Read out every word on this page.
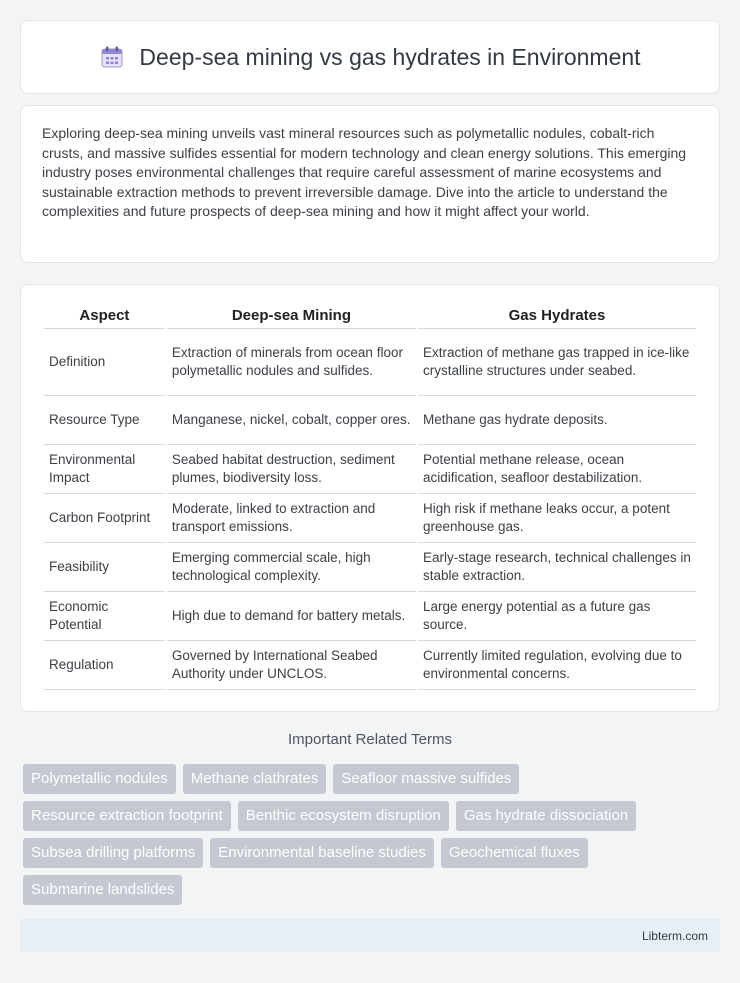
Deep-sea mining vs gas hydrates in Environment

Exploring deep-sea mining unveils vast mineral resources such as polymetallic nodules, cobalt-rich crusts, and massive sulfides essential for modern technology and clean energy solutions. This emerging industry poses environmental challenges that require careful assessment of marine ecosystems and sustainable extraction methods to prevent irreversible damage. Dive into the article to understand the complexities and future prospects of deep-sea mining and how it might affect your world.

Aspect	Deep-sea Mining	Gas Hydrates
Definition	Extraction of minerals from ocean floor polymetallic nodules and sulfides.	Extraction of methane gas trapped in ice-like crystalline structures under seabed.
Resource Type	Manganese, nickel, cobalt, copper ores.	Methane gas hydrate deposits.
Environmental Impact	Seabed habitat destruction, sediment plumes, biodiversity loss.	Potential methane release, ocean acidification, seafloor destabilization.
Carbon Footprint	Moderate, linked to extraction and transport emissions.	High risk if methane leaks occur, a potent greenhouse gas.
Feasibility	Emerging commercial scale, high technological complexity.	Early-stage research, technical challenges in stable extraction.
Economic Potential	High due to demand for battery metals.	Large energy potential as a future gas source.
Regulation	Governed by International Seabed Authority under UNCLOS.	Currently limited regulation, evolving due to environmental concerns.
Important Related Terms
Polymetallic nodules	Methane clathrates	Seafloor massive sulfides
Resource extraction footprint	Benthic ecosystem disruption	Gas hydrate dissociation
Subsea drilling platforms	Environmental baseline studies	Geochemical fluxes
Submarine landslides
Libterm.com
